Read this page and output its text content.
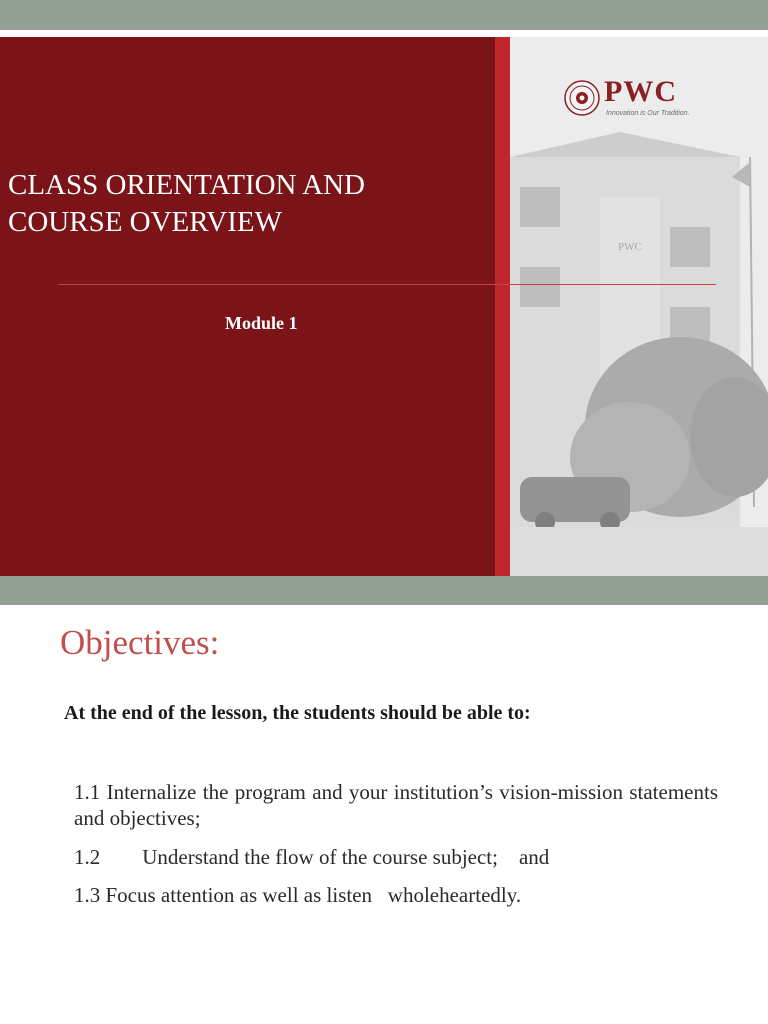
PWC
PWC
Innovation is Our Tradition.
CLASS ORIENTATION AND
COURSE OVERVIEW
Module 1
Objectives:
At the end of the lesson, the students should be able to:
1.1 Internalize the program and your institution’s vision-mission statements and objectives;
1.2        Understand the flow of the course subject;    and
1.3 Focus attention as well as listen   wholeheartedly.
